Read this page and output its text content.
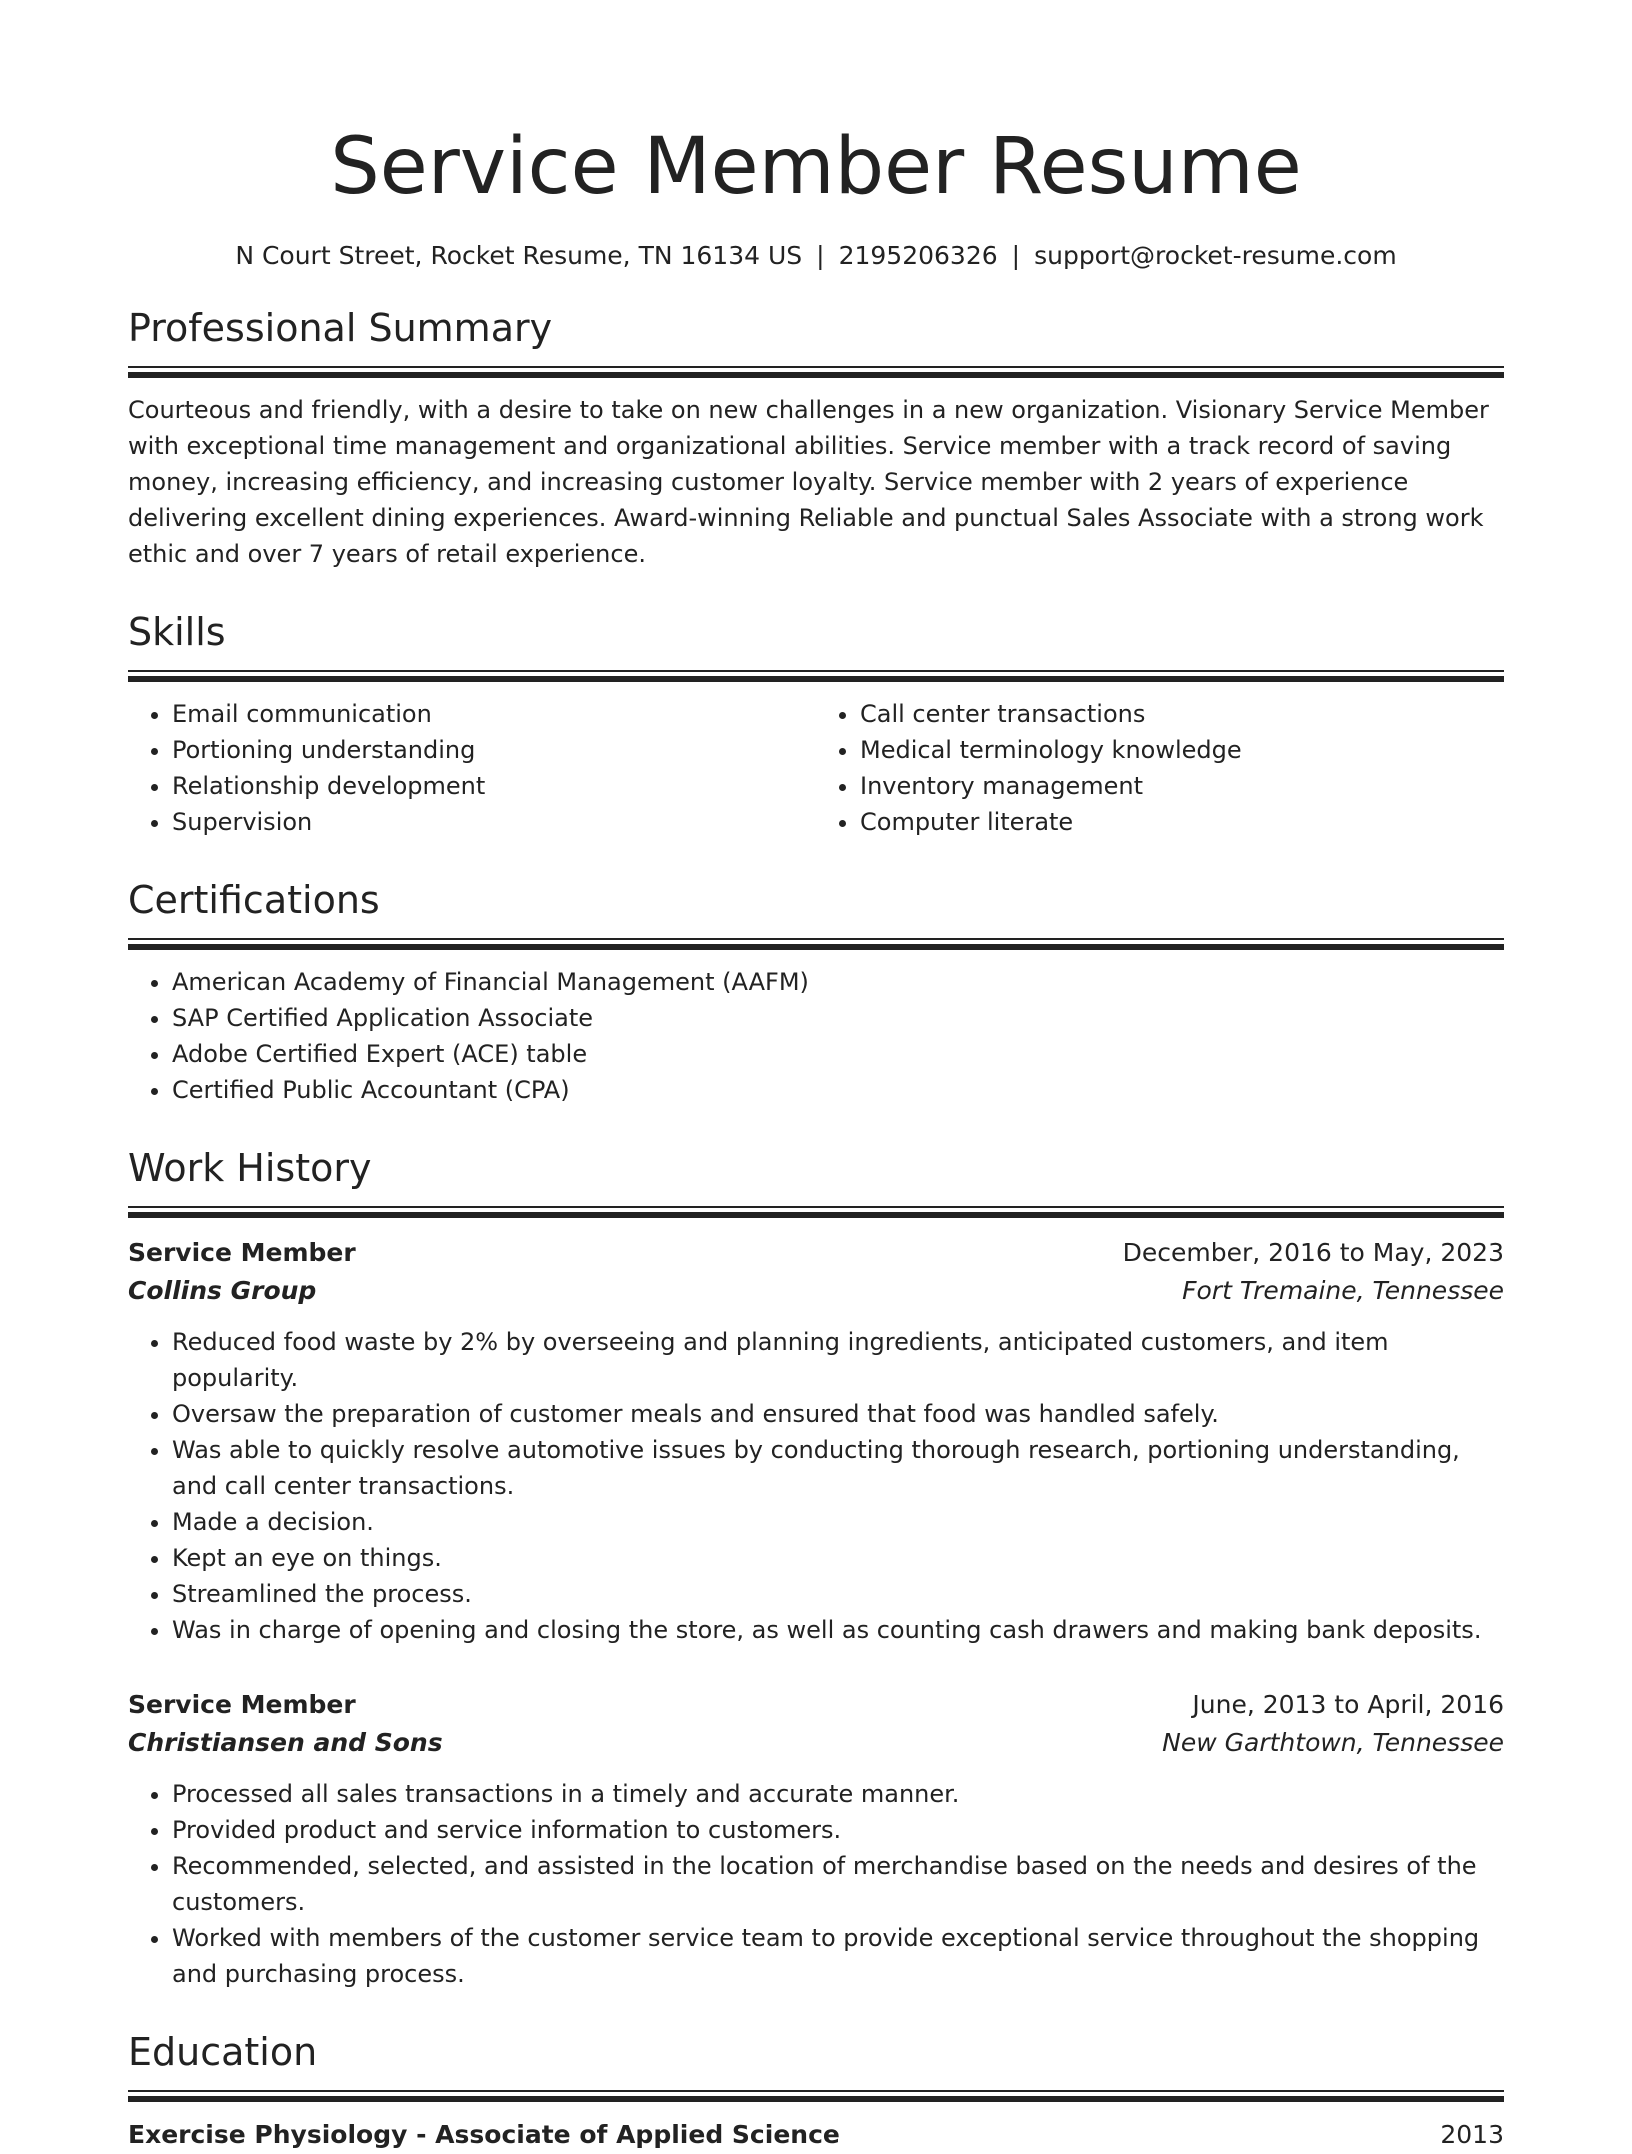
Service Member Resume
N Court Street, Rocket Resume, TN 16134 US | 2195206326 | support@rocket-resume.com
Professional Summary
Courteous and friendly, with a desire to take on new challenges in a new organization. Visionary Service Member with exceptional time management and organizational abilities. Service member with a track record of saving money, increasing efficiency, and increasing customer loyalty. Service member with 2 years of experience delivering excellent dining experiences. Award-winning Reliable and punctual Sales Associate with a strong work ethic and over 7 years of retail experience.
Skills
• Email communication
• Portioning understanding
• Relationship development
• Supervision
• Call center transactions
• Medical terminology knowledge
• Inventory management
• Computer literate
Certifications
• American Academy of Financial Management (AAFM)
• SAP Certified Application Associate
• Adobe Certified Expert (ACE) table
• Certified Public Accountant (CPA)
Work History
Service Member	December, 2016 to May, 2023
Collins Group	Fort Tremaine, Tennessee
• Reduced food waste by 2% by overseeing and planning ingredients, anticipated customers, and item popularity.
• Oversaw the preparation of customer meals and ensured that food was handled safely.
• Was able to quickly resolve automotive issues by conducting thorough research, portioning understanding, and call center transactions.
• Made a decision.
• Kept an eye on things.
• Streamlined the process.
• Was in charge of opening and closing the store, as well as counting cash drawers and making bank deposits.
Service Member	June, 2013 to April, 2016
Christiansen and Sons	New Garthtown, Tennessee
• Processed all sales transactions in a timely and accurate manner.
• Provided product and service information to customers.
• Recommended, selected, and assisted in the location of merchandise based on the needs and desires of the customers.
• Worked with members of the customer service team to provide exceptional service throughout the shopping and purchasing process.
Education
Exercise Physiology - Associate of Applied Science	2013
